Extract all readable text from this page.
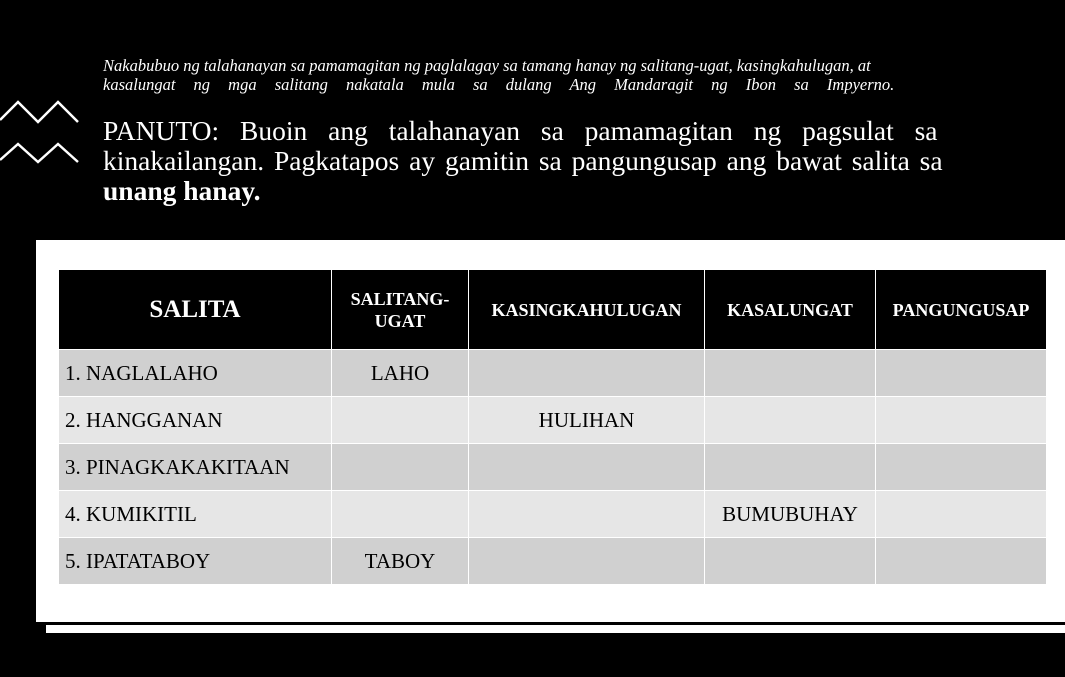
Nakabubuo ng talahanayan sa pamamagitan ng paglalagay sa tamang hanay ng salitang-ugat, kasingkahulugan, at
kasalungat ng mga salitang nakatala mula sa dulang Ang Mandaragit ng Ibon sa Impyerno.
PANUTO: Buoin ang talahanayan sa pamamagitan ng pagsulat sa
kinakailangan. Pagkatapos ay gamitin sa pangungusap ang bawat salita sa
unang hanay.
SALITA	SALITANG-UGAT	KASINGKAHULUGAN	KASALUNGAT	PANGUNGUSAP
1. NAGLALAHO	LAHO			
2. HANGGANAN		HULIHAN		
3. PINAGKAKAKITAAN				
4. KUMIKITIL			BUMUBUHAY	
5. IPATATABOY	TABOY			
